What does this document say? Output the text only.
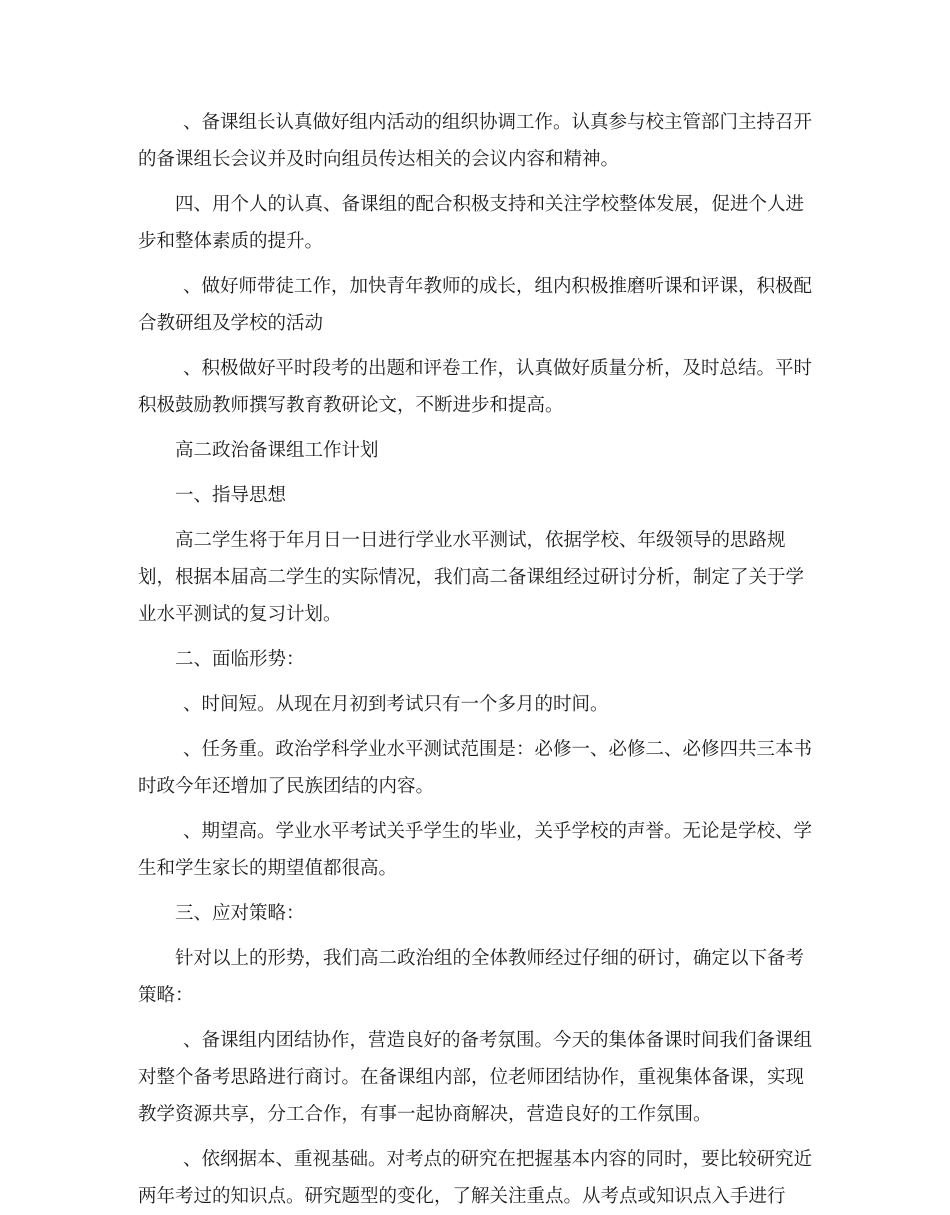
、备课组长认真做好组内活动的组织协调工作。认真参与校主管部门主持召开的备课组长会议并及时向组员传达相关的会议内容和精神。

四、用个人的认真、备课组的配合积极支持和关注学校整体发展，促进个人进步和整体素质的提升。

、做好师带徒工作，加快青年教师的成长，组内积极推磨听课和评课，积极配合教研组及学校的活动

、积极做好平时段考的出题和评卷工作，认真做好质量分析，及时总结。平时积极鼓励教师撰写教育教研论文，不断进步和提高。

高二政治备课组工作计划

一、指导思想

高二学生将于年月日一日进行学业水平测试，依据学校、年级领导的思路规划，根据本届高二学生的实际情况，我们高二备课组经过研讨分析，制定了关于学业水平测试的复习计划。

二、面临形势：

、时间短。从现在月初到考试只有一个多月的时间。

、任务重。政治学科学业水平测试范围是：必修一、必修二、必修四共三本书时政今年还增加了民族团结的内容。

、期望高。学业水平考试关乎学生的毕业，关乎学校的声誉。无论是学校、学生和学生家长的期望值都很高。

三、应对策略：

针对以上的形势，我们高二政治组的全体教师经过仔细的研讨，确定以下备考策略：

、备课组内团结协作，营造良好的备考氛围。今天的集体备课时间我们备课组对整个备考思路进行商讨。在备课组内部，位老师团结协作，重视集体备课，实现教学资源共享，分工合作，有事一起协商解决，营造良好的工作氛围。

、依纲据本、重视基础。对考点的研究在把握基本内容的同时，要比较研究近两年考过的知识点。研究题型的变化，了解关注重点。从考点或知识点入手进行
